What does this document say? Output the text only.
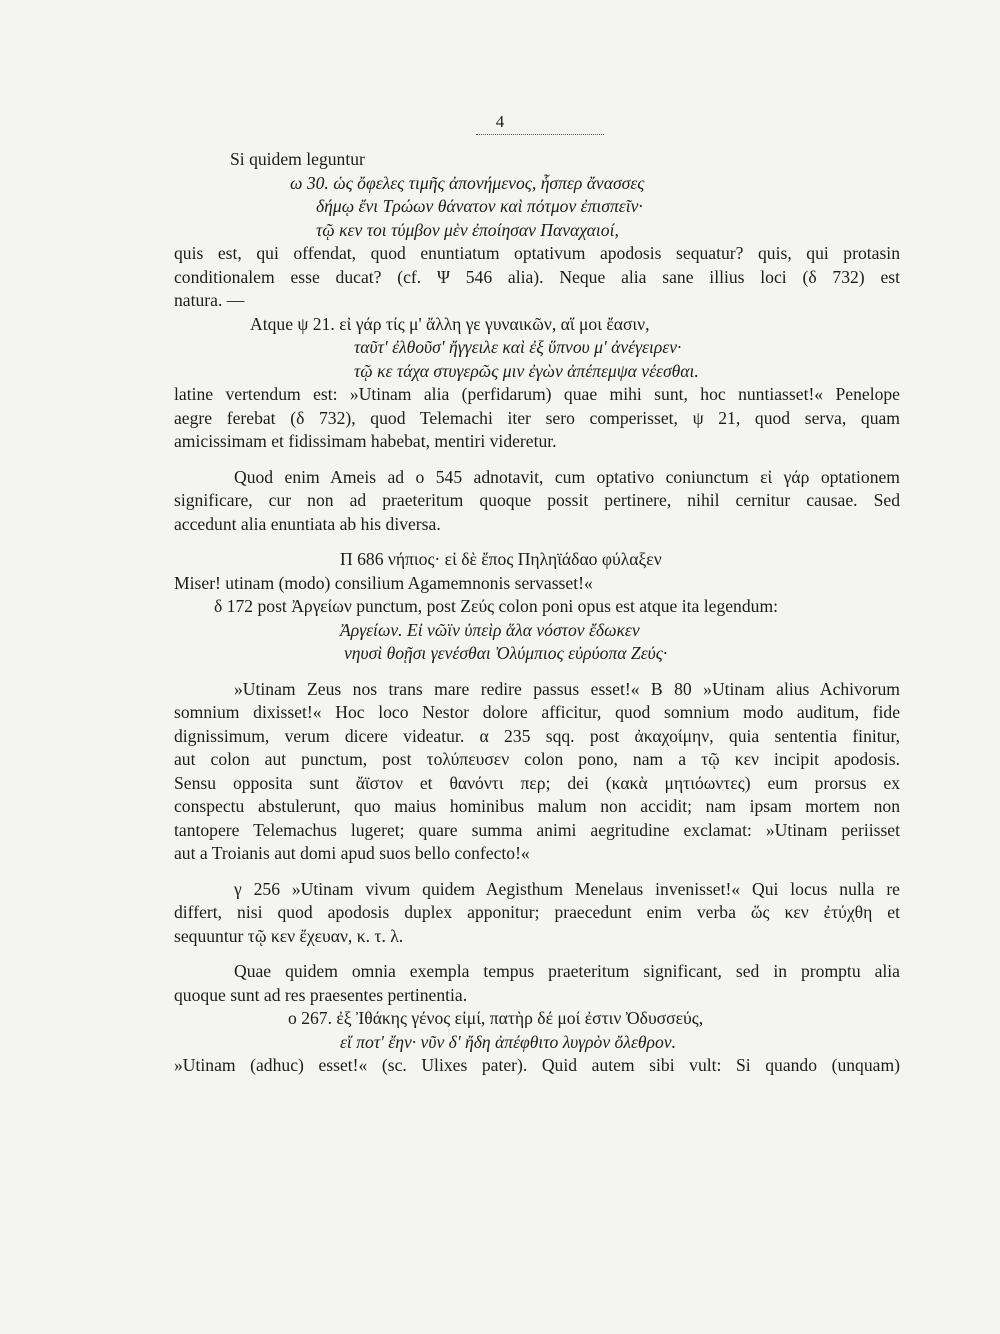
4
Si quidem leguntur
ω 30. ὡς ὄφελες τιμῆς ἀπονήμενος, ἧσπερ ἄνασσες
δήμῳ ἔνι Τρώων θάνατον καὶ πότμον ἐπισπεῖν·
τῷ κεν τοι τύμβον μὲν ἐποίησαν Παναχαιοί,
quis est, qui offendat, quod enuntiatum optativum apodosis sequatur? quis, qui protasin
conditionalem esse ducat? (cf. Ψ 546 alia). Neque alia sane illius loci (δ 732) est
natura. —
Atque ψ 21. εἰ γάρ τίς μ' ἄλλη γε γυναικῶν, αἵ μοι ἔασιν,
ταῦτ' ἐλθοῦσ' ἤγγειλε καὶ ἐξ ὕπνου μ' ἀνέγειρεν·
τῷ κε τάχα στυγερῶς μιν ἐγὼν ἀπέπεμψα νέεσθαι.
latine vertendum est: »Utinam alia (perfidarum) quae mihi sunt, hoc nuntiasset!« Penelope
aegre ferebat (δ 732), quod Telemachi iter sero comperisset, ψ 21, quod serva, quam
amicissimam et fidissimam habebat, mentiri videretur.
Quod enim Ameis ad ο 545 adnotavit, cum optativo coniunctum εἰ γάρ optationem
significare, cur non ad praeteritum quoque possit pertinere, nihil cernitur causae. Sed
accedunt alia enuntiata ab his diversa.
Π 686 νήπιος· εἰ δὲ ἔπος Πηληϊάδαο φύλαξεν
Miser! utinam (modo) consilium Agamemnonis servasset!«
δ 172 post Ἀργείων punctum, post Ζεύς colon poni opus est atque ita legendum:
Ἀργείων. Εἰ νῶϊν ὑπεὶρ ἅλα νόστον ἔδωκεν
νηυσὶ θοῇσι γενέσθαι Ὀλύμπιος εὐρύοπα Ζεύς·
»Utinam Zeus nos trans mare redire passus esset!« Β 80 »Utinam alius Achivorum
somnium dixisset!« Hoc loco Nestor dolore afficitur, quod somnium modo auditum, fide
dignissimum, verum dicere videatur. α 235 sqq. post ἀκαχοίμην, quia sententia finitur,
aut colon aut punctum, post τολύπευσεν colon pono, nam a τῷ κεν incipit apodosis.
Sensu opposita sunt ἄϊστον et θανόντι περ; dei (κακὰ μητιόωντες) eum prorsus ex
conspectu abstulerunt, quo maius hominibus malum non accidit; nam ipsam mortem non
tantopere Telemachus lugeret; quare summa animi aegritudine exclamat: »Utinam periisset
aut a Troianis aut domi apud suos bello confecto!«
γ 256 »Utinam vivum quidem Aegisthum Menelaus invenisset!« Qui locus nulla re
differt, nisi quod apodosis duplex apponitur; praecedunt enim verba ὥς κεν ἐτύχθη et
sequuntur τῷ κεν ἔχευαν, κ. τ. λ.
Quae quidem omnia exempla tempus praeteritum significant, sed in promptu alia
quoque sunt ad res praesentes pertinentia.
ο 267. ἐξ Ἰθάκης γένος εἰμί, πατὴρ δέ μοί ἐστιν Ὀδυσσεύς,
εἴ ποτ' ἔην· νῦν δ' ἤδη ἀπέφθιτο λυγρὸν ὄλεθρον.
»Utinam (adhuc) esset!« (sc. Ulixes pater). Quid autem sibi vult: Si quando (unquam)
